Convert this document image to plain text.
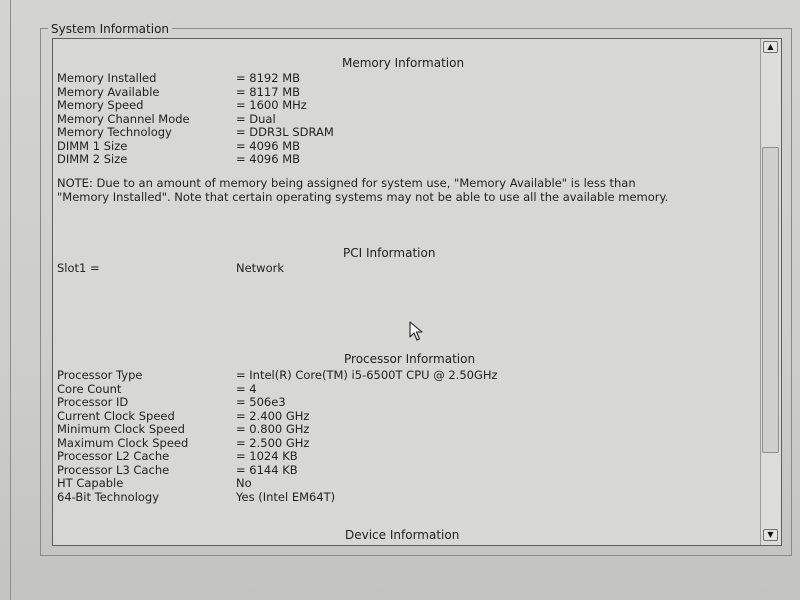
System Information
Memory Information
Memory Installed	= 8192 MB
Memory Available	= 8117 MB
Memory Speed	= 1600 MHz
Memory Channel Mode	= Dual
Memory Technology	= DDR3L SDRAM
DIMM 1 Size	= 4096 MB
DIMM 2 Size	= 4096 MB
NOTE: Due to an amount of memory being assigned for system use, "Memory Available" is less than "Memory Installed". Note that certain operating systems may not be able to use all the available memory.
PCI Information
Slot1 =	Network
Processor Information
Processor Type	= Intel(R) Core(TM) i5-6500T CPU @ 2.50GHz
Core Count	= 4
Processor ID	= 506e3
Current Clock Speed	= 2.400 GHz
Minimum Clock Speed	= 0.800 GHz
Maximum Clock Speed	= 2.500 GHz
Processor L2 Cache	= 1024 KB
Processor L3 Cache	= 6144 KB
HT Capable	No
64-Bit Technology	Yes (Intel EM64T)
Device Information
▲
▼
